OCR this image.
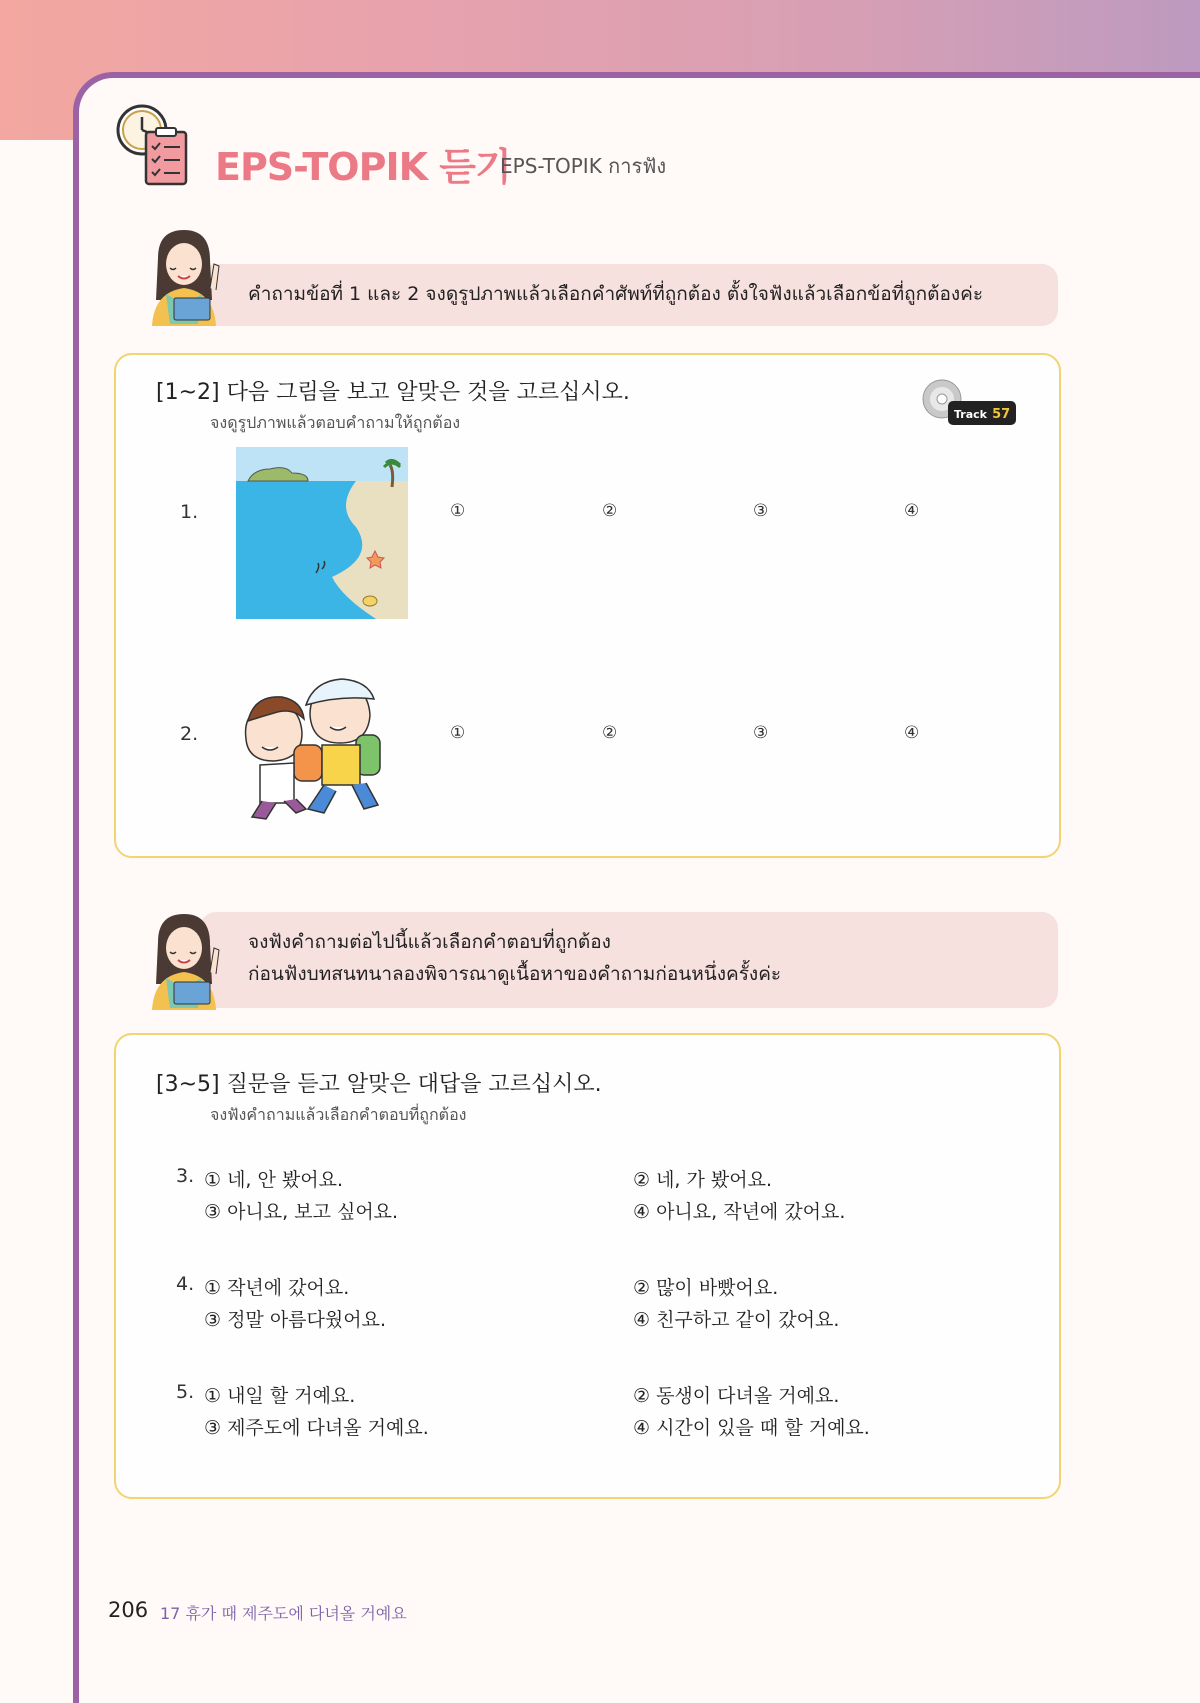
EPS-TOPIK 듣기
EPS-TOPIK การฟัง
คำถามข้อที่ 1 และ 2 จงดูรูปภาพแล้วเลือกคำศัพท์ที่ถูกต้อง ตั้งใจฟังแล้วเลือกข้อที่ถูกต้องค่ะ
[1~2] 다음 그림을 보고 알맞은 것을 고르십시오.
จงดูรูปภาพแล้วตอบคำถามให้ถูกต้อง	Track 57
1.	①	②	③	④
2.	①	②	③	④
จงฟังคำถามต่อไปนี้แล้วเลือกคำตอบที่ถูกต้อง
ก่อนฟังบทสนทนาลองพิจารณาดูเนื้อหาของคำถามก่อนหนึ่งครั้งค่ะ
[3~5] 질문을 듣고 알맞은 대답을 고르십시오.
จงฟังคำถามแล้วเลือกคำตอบที่ถูกต้อง
3. ① 네, 안 봤어요.	② 네, 가 봤어요.
③ 아니요, 보고 싶어요.	④ 아니요, 작년에 갔어요.
4. ① 작년에 갔어요.	② 많이 바빴어요.
③ 정말 아름다웠어요.	④ 친구하고 같이 갔어요.
5. ① 내일 할 거예요.	② 동생이 다녀올 거예요.
③ 제주도에 다녀올 거예요.	④ 시간이 있을 때 할 거예요.
206 17 휴가 때 제주도에 다녀올 거예요
